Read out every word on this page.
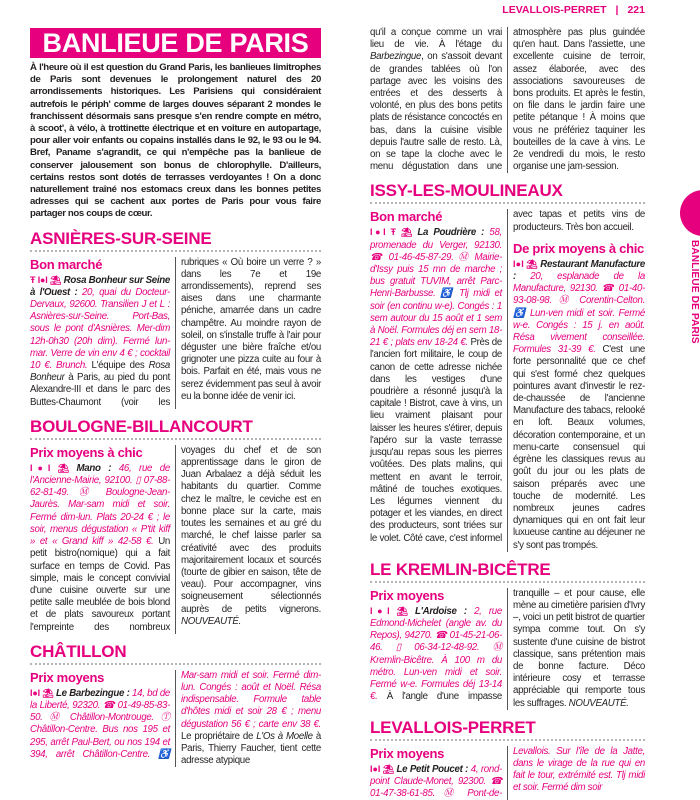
LEVALLOIS-PERRET | 221
BANLIEUE DE PARIS
BANLIEUE DE PARIS
À l'heure où il est question du Grand Paris, les banlieues limitrophes de Paris sont devenues le prolongement naturel des 20 arrondissements historiques. Les Parisiens qui considéraient autrefois le périph' comme de larges douves séparant 2 mondes le franchissent désormais sans presque s'en rendre compte en métro, à scoot', à vélo, à trottinette électrique et en voiture en autopartage, pour aller voir enfants ou copains installés dans le 92, le 93 ou le 94. Bref, Paname s'agrandit, ce qui n'empêche pas la banlieue de conserver jalousement son bonus de chlorophylle. D'ailleurs, certains restos sont dotés de terrasses verdoyantes ! On a donc naturellement traîné nos estomacs creux dans les bonnes petites adresses qui se cachent aux portes de Paris pour vous faire partager nos coups de cœur.
ASNIÈRES-SUR-SEINE
Bon marché

Ŧ I●I ⛱ Rosa Bonheur sur Seine à l'Ouest : 20, quai du Docteur-Dervaux, 92600. Transilien J et L : Asnières-sur-Seine. Port-Bas, sous le pont d'Asnières. Mer-dim 12h-0h30 (20h dim). Fermé lun-mar. Verre de vin env 4 € ; cocktail 10 €. Brunch. L'équipe des Rosa Bonheur à Paris, au pied du pont Alexandre-III et dans le parc des Buttes-Chaumont (voir les rubriques « Où boire un verre ? » dans les 7e et 19e arrondissements), reprend ses aises dans une charmante péniche, amarrée dans un cadre champêtre. Au moindre rayon de soleil, on s'installe truffe à l'air pour déguster une bière fraîche et/ou grignoter une pizza cuite au four à bois. Parfait en été, mais vous ne serez évidemment pas seul à avoir eu la bonne idée de venir ici.

BOULOGNE-BILLANCOURT
Prix moyens à chic

I●I ⛱ Mano : 46, rue de l'Ancienne-Mairie, 92100. ▯ 07-88-62-81-49. Ⓜ Boulogne-Jean-Jaurès. Mar-sam midi et soir. Fermé dim-lun. Plats 20-24 € ; le soir, menus dégustation « P'tit kiff » et « Grand kiff » 42-58 €. Un petit bistro(nomique) qui a fait surface en temps de Covid. Pas simple, mais le concept convivial d'une cuisine ouverte sur une petite salle meublée de bois blond et de plats savoureux portant l'empreinte des nombreux voyages du chef et de son apprentissage dans le giron de Juan Arbalaez a déjà séduit les habitants du quartier. Comme chez le maître, le ceviche est en bonne place sur la carte, mais toutes les semaines et au gré du marché, le chef laisse parler sa créativité avec des produits majoritairement locaux et sourcés (tourte de gibier en saison, tête de veau). Pour accompagner, vins soigneusement sélectionnés auprès de petits vignerons. NOUVEAUTÉ.

CHÂTILLON
Prix moyens

I●I ⛱ Le Barbezingue : 14, bd de la Liberté, 92320. ☎ 01-49-85-83-50. Ⓜ Châtillon-Montrouge. Ⓣ Châtillon-Centre. Bus nos 195 et 295, arrêt Paul-Bert, ou nos 194 et 394, arrêt Châtillon-Centre. ♿ Mar-sam midi et soir. Fermé dim-lun. Congés : août et Noël. Résa indispensable. Formule table d'hôtes midi et soir 28 € ; menu dégustation 56 € ; carte env 38 €. Le propriétaire de L'Os à Moelle à Paris, Thierry Faucher, tient cette adresse atypique

qu'il a conçue comme un vrai lieu de vie. À l'étage du Barbezingue, on s'assoit devant de grandes tablées où l'on partage avec les voisins des entrées et des desserts à volonté, en plus des bons petits plats de résistance concoctés en bas, dans la cuisine visible depuis l'autre salle de resto. Là, on se tape la cloche avec le menu dégustation dans une atmosphère pas plus guindée qu'en haut. Dans l'assiette, une excellente cuisine de terroir, assez élaborée, avec des associations savoureuses de bons produits. Et après le festin, on file dans le jardin faire une petite pétanque ! À moins que vous ne préfériez taquiner les bouteilles de la cave à vins. Le 2e vendredi du mois, le resto organise une jam-session.

ISSY-LES-MOULINEAUX
Bon marché

I●I Ŧ ⛱ La Poudrière : 58, promenade du Verger, 92130. ☎ 01-46-45-87-29. Ⓜ Mairie-d'Issy puis 15 mn de marche ; bus gratuit TUVIM, arrêt Parc-Henri-Barbusse. ♿ Tlj midi et soir (en continu w-e). Congés : 1 sem autour du 15 août et 1 sem à Noël. Formules déj en sem 18-21 € ; plats env 18-24 €. Près de l'ancien fort militaire, le coup de canon de cette adresse nichée dans les vestiges d'une poudrière a résonné jusqu'à la capitale ! Bistrot, cave à vins, un lieu vraiment plaisant pour laisser les heures s'étirer, depuis l'apéro sur la vaste terrasse jusqu'au repas sous les pierres voûtées. Des plats malins, qui mettent en avant le terroir, mâtiné de touches exotiques. Les légumes viennent du potager et les viandes, en direct des producteurs, sont triées sur le volet. Côté cave, c'est informel avec tapas et petits vins de producteurs. Très bon accueil.

De prix moyens à chic

I●I ⛱ Restaurant Manufacture : 20, esplanade de la Manufacture, 92130. ☎ 01-40-93-08-98. Ⓜ Corentin-Celton. ♿ Lun-ven midi et soir. Fermé w-e. Congés : 15 j. en août. Résa vivement conseillée. Formules 31-39 €. C'est une forte personnalité que ce chef qui s'est formé chez quelques pointures avant d'investir le rez-de-chaussée de l'ancienne Manufacture des tabacs, relooké en loft. Beaux volumes, décoration contemporaine, et un menu-carte consensuel qui égrène les classiques revus au goût du jour ou les plats de saison préparés avec une touche de modernité. Les nombreux jeunes cadres dynamiques qui en ont fait leur luxueuse cantine au déjeuner ne s'y sont pas trompés.

LE KREMLIN-BICÊTRE
Prix moyens

I●I ⛱ L'Ardoise : 2, rue Edmond-Michelet (angle av. du Repos), 94270. ☎ 01-45-21-06-46. ▯ 06-34-12-48-92. Ⓜ Kremlin-Bicêtre. À 100 m du métro. Lun-ven midi et soir. Fermé w-e. Formules déj 13-14 €. À l'angle d'une impasse tranquille – et pour cause, elle mène au cimetière parisien d'Ivry –, voici un petit bistrot de quartier sympa comme tout. On s'y sustente d'une cuisine de bistrot classique, sans prétention mais de bonne facture. Déco intérieure cosy et terrasse appréciable qui remporte tous les suffrages. NOUVEAUTÉ.

LEVALLOIS-PERRET
Prix moyens

I●I ⛱ Le Petit Poucet : 4, rond-point Claude-Monet, 92300. ☎ 01-47-38-61-85. Ⓜ Pont-de-Levallois. Sur l'île de la Jatte, dans le virage de la rue qui en fait le tour, extrémité est. Tlj midi et soir. Fermé dim soir
